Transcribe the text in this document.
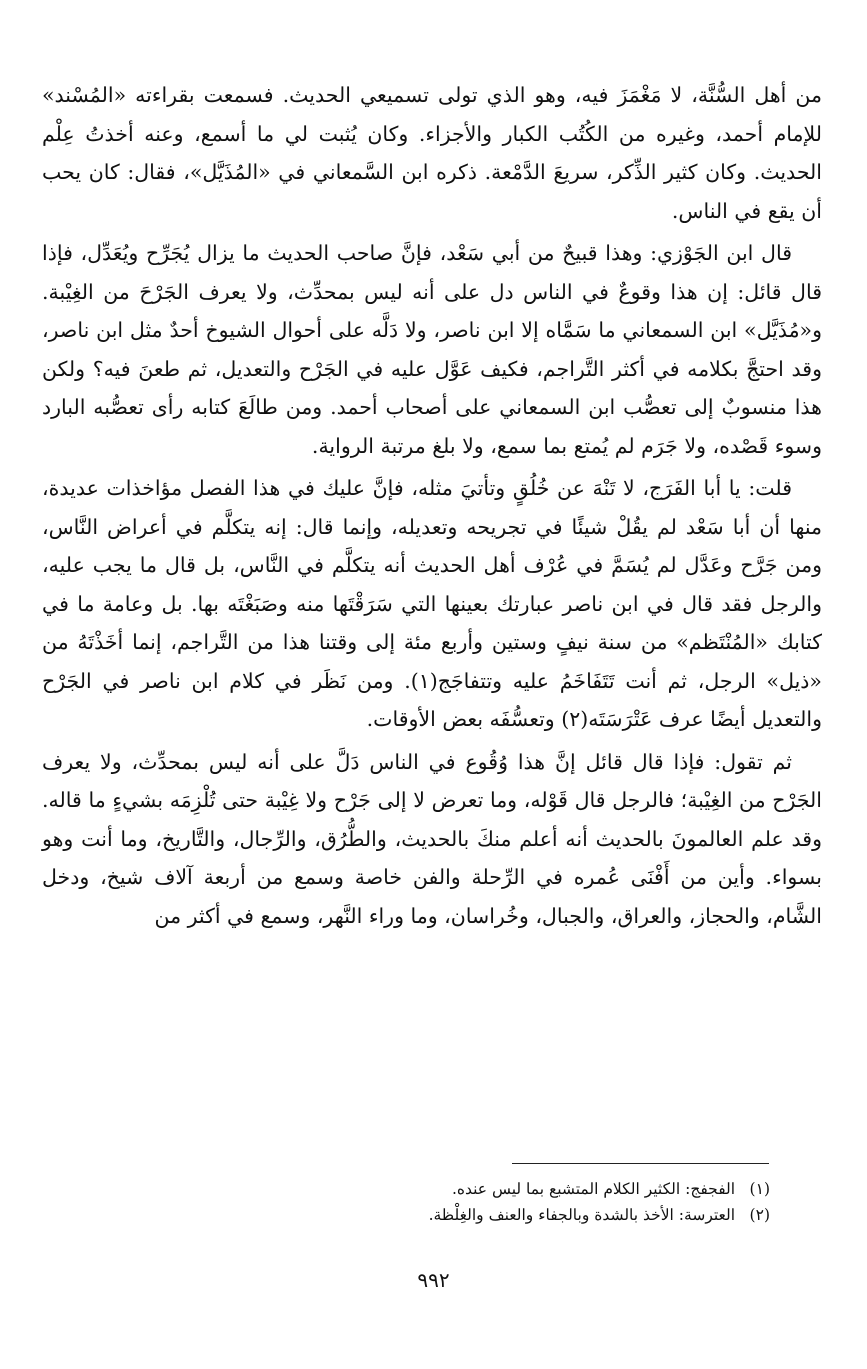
من أهل السُّنَّة، لا مَغْمَزَ فيه، وهو الذي تولى تسميعي الحديث. فسمعت بقراءته «المُسْند» للإمام أحمد، وغيره من الكُتُب الكبار والأجزاء. وكان يُثبت لي ما أسمع، وعنه أخذتُ عِلْم الحديث. وكان كثير الذِّكر، سريعَ الدَّمْعة. ذكره ابن السَّمعاني في «المُذَيَّل»، فقال: كان يحب أن يقع في الناس.

قال ابن الجَوْزي: وهذا قبيحٌ من أبي سَعْد، فإنَّ صاحب الحديث ما يزال يُجَرِّح ويُعَدِّل، فإذا قال قائل: إن هذا وقوعٌ في الناس دل على أنه ليس بمحدِّث، ولا يعرف الجَرْحَ من الغِيْبة. و«مُذَيَّل» ابن السمعاني ما سَمَّاه إلا ابن ناصر، ولا دَلَّه على أحوال الشيوخ أحدٌ مثل ابن ناصر، وقد احتجَّ بكلامه في أكثر التَّراجم، فكيف عَوَّل عليه في الجَرْح والتعديل، ثم طعنَ فيه؟ ولكن هذا منسوبٌ إلى تعصُّب ابن السمعاني على أصحاب أحمد. ومن طالَعَ كتابه رأى تعصُّبه البارد وسوء قَصْده، ولا جَرَم لم يُمتع بما سمع، ولا بلغ مرتبة الرواية.

قلت: يا أبا الفَرَج، لا تَنْهَ عن خُلُقٍ وتأتيَ مثله، فإنَّ عليك في هذا الفصل مؤاخذات عديدة، منها أن أبا سَعْد لم يقُلْ شيئًا في تجريحه وتعديله، وإنما قال: إنه يتكلَّم في أعراض النَّاس، ومن جَرَّح وعَدَّل لم يُسَمَّ في عُرْف أهل الحديث أنه يتكلَّم في النَّاس، بل قال ما يجب عليه، والرجل فقد قال في ابن ناصر عبارتك بعينها التي سَرَقْتَها منه وصَبَغْتَه بها. بل وعامة ما في كتابك «المُنْتَظم» من سنة نيفٍ وستين وأربع مئة إلى وقتنا هذا من التَّراجم، إنما أخَذْتَهُ من «ذيل» الرجل، ثم أنت تَتَفَاخَمُ عليه وتتفاجَج(١). ومن نَظَر في كلام ابن ناصر في الجَرْح والتعديل أيضًا عرف عَتْرَسَتَه(٢) وتعسُّفَه بعض الأوقات.

ثم تقول: فإذا قال قائل إنَّ هذا وُقُوع في الناس دَلَّ على أنه ليس بمحدِّث، ولا يعرف الجَرْح من الغِيْبة؛ فالرجل قال قَوْله، وما تعرض لا إلى جَرْح ولا غِيْبة حتى تُلْزِمَه بشيءٍ ما قاله. وقد علم العالمونَ بالحديث أنه أعلم منكَ بالحديث، والطُّرُق، والرِّجال، والتَّاريخ، وما أنت وهو بسواء. وأين من أَفْنَى عُمره في الرِّحلة والفن خاصة وسمع من أربعة آلاف شيخ، ودخل الشَّام، والحجاز، والعراق، والجبال، وخُراسان، وما وراء النَّهر، وسمع في أكثر من

(١) الفجفج: الكثير الكلام المتشبع بما ليس عنده.

(٢) العترسة: الأخذ بالشدة وبالجفاء والعنف والغِلْظة.

٩٩٢
